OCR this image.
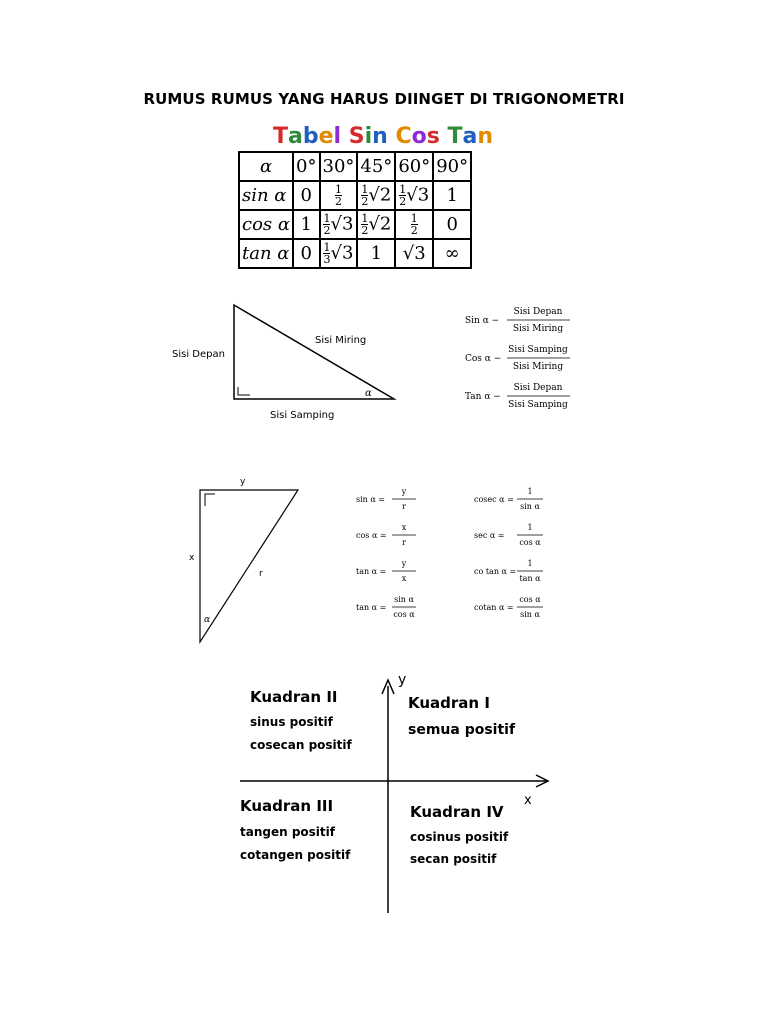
RUMUS RUMUS YANG HARUS DIINGET DI TRIGONOMETRI
Tabel Sin Cos Tan
α	0°	30°	45°	60°	90°
sin α	0	$\frac{1}{2}$	$\frac{1}{2} √2$	$\frac{1}{2} √3$	1
cos α	1	$\frac{1}{2} √3$	$\frac{1}{2} √2$	$\frac{1}{2}$	0
tan α	0	$\frac{1}{3} √3$	1	√3	∞
Sisi Depan
Sisi Miring
Sisi Samping
α
Sin α −
Sisi Depan
Sisi Miring
Cos α −
Sisi Samping
Sisi Miring
Tan α −
Sisi Depan
Sisi Samping
y
x
r
α
sin α =
y
r
cos α =
x
r
tan α =
y
x
tan α =
sin α
cos α
cosec α =
1
sin α
sec α =
1
cos α
co tan α =
1
tan α
cotan α =
cos α
sin α
y
x
Kuadran II
sinus positif
cosecan positif
Kuadran I
semua positif
Kuadran III
tangen positif
cotangen positif
Kuadran IV
cosinus positif
secan positif
